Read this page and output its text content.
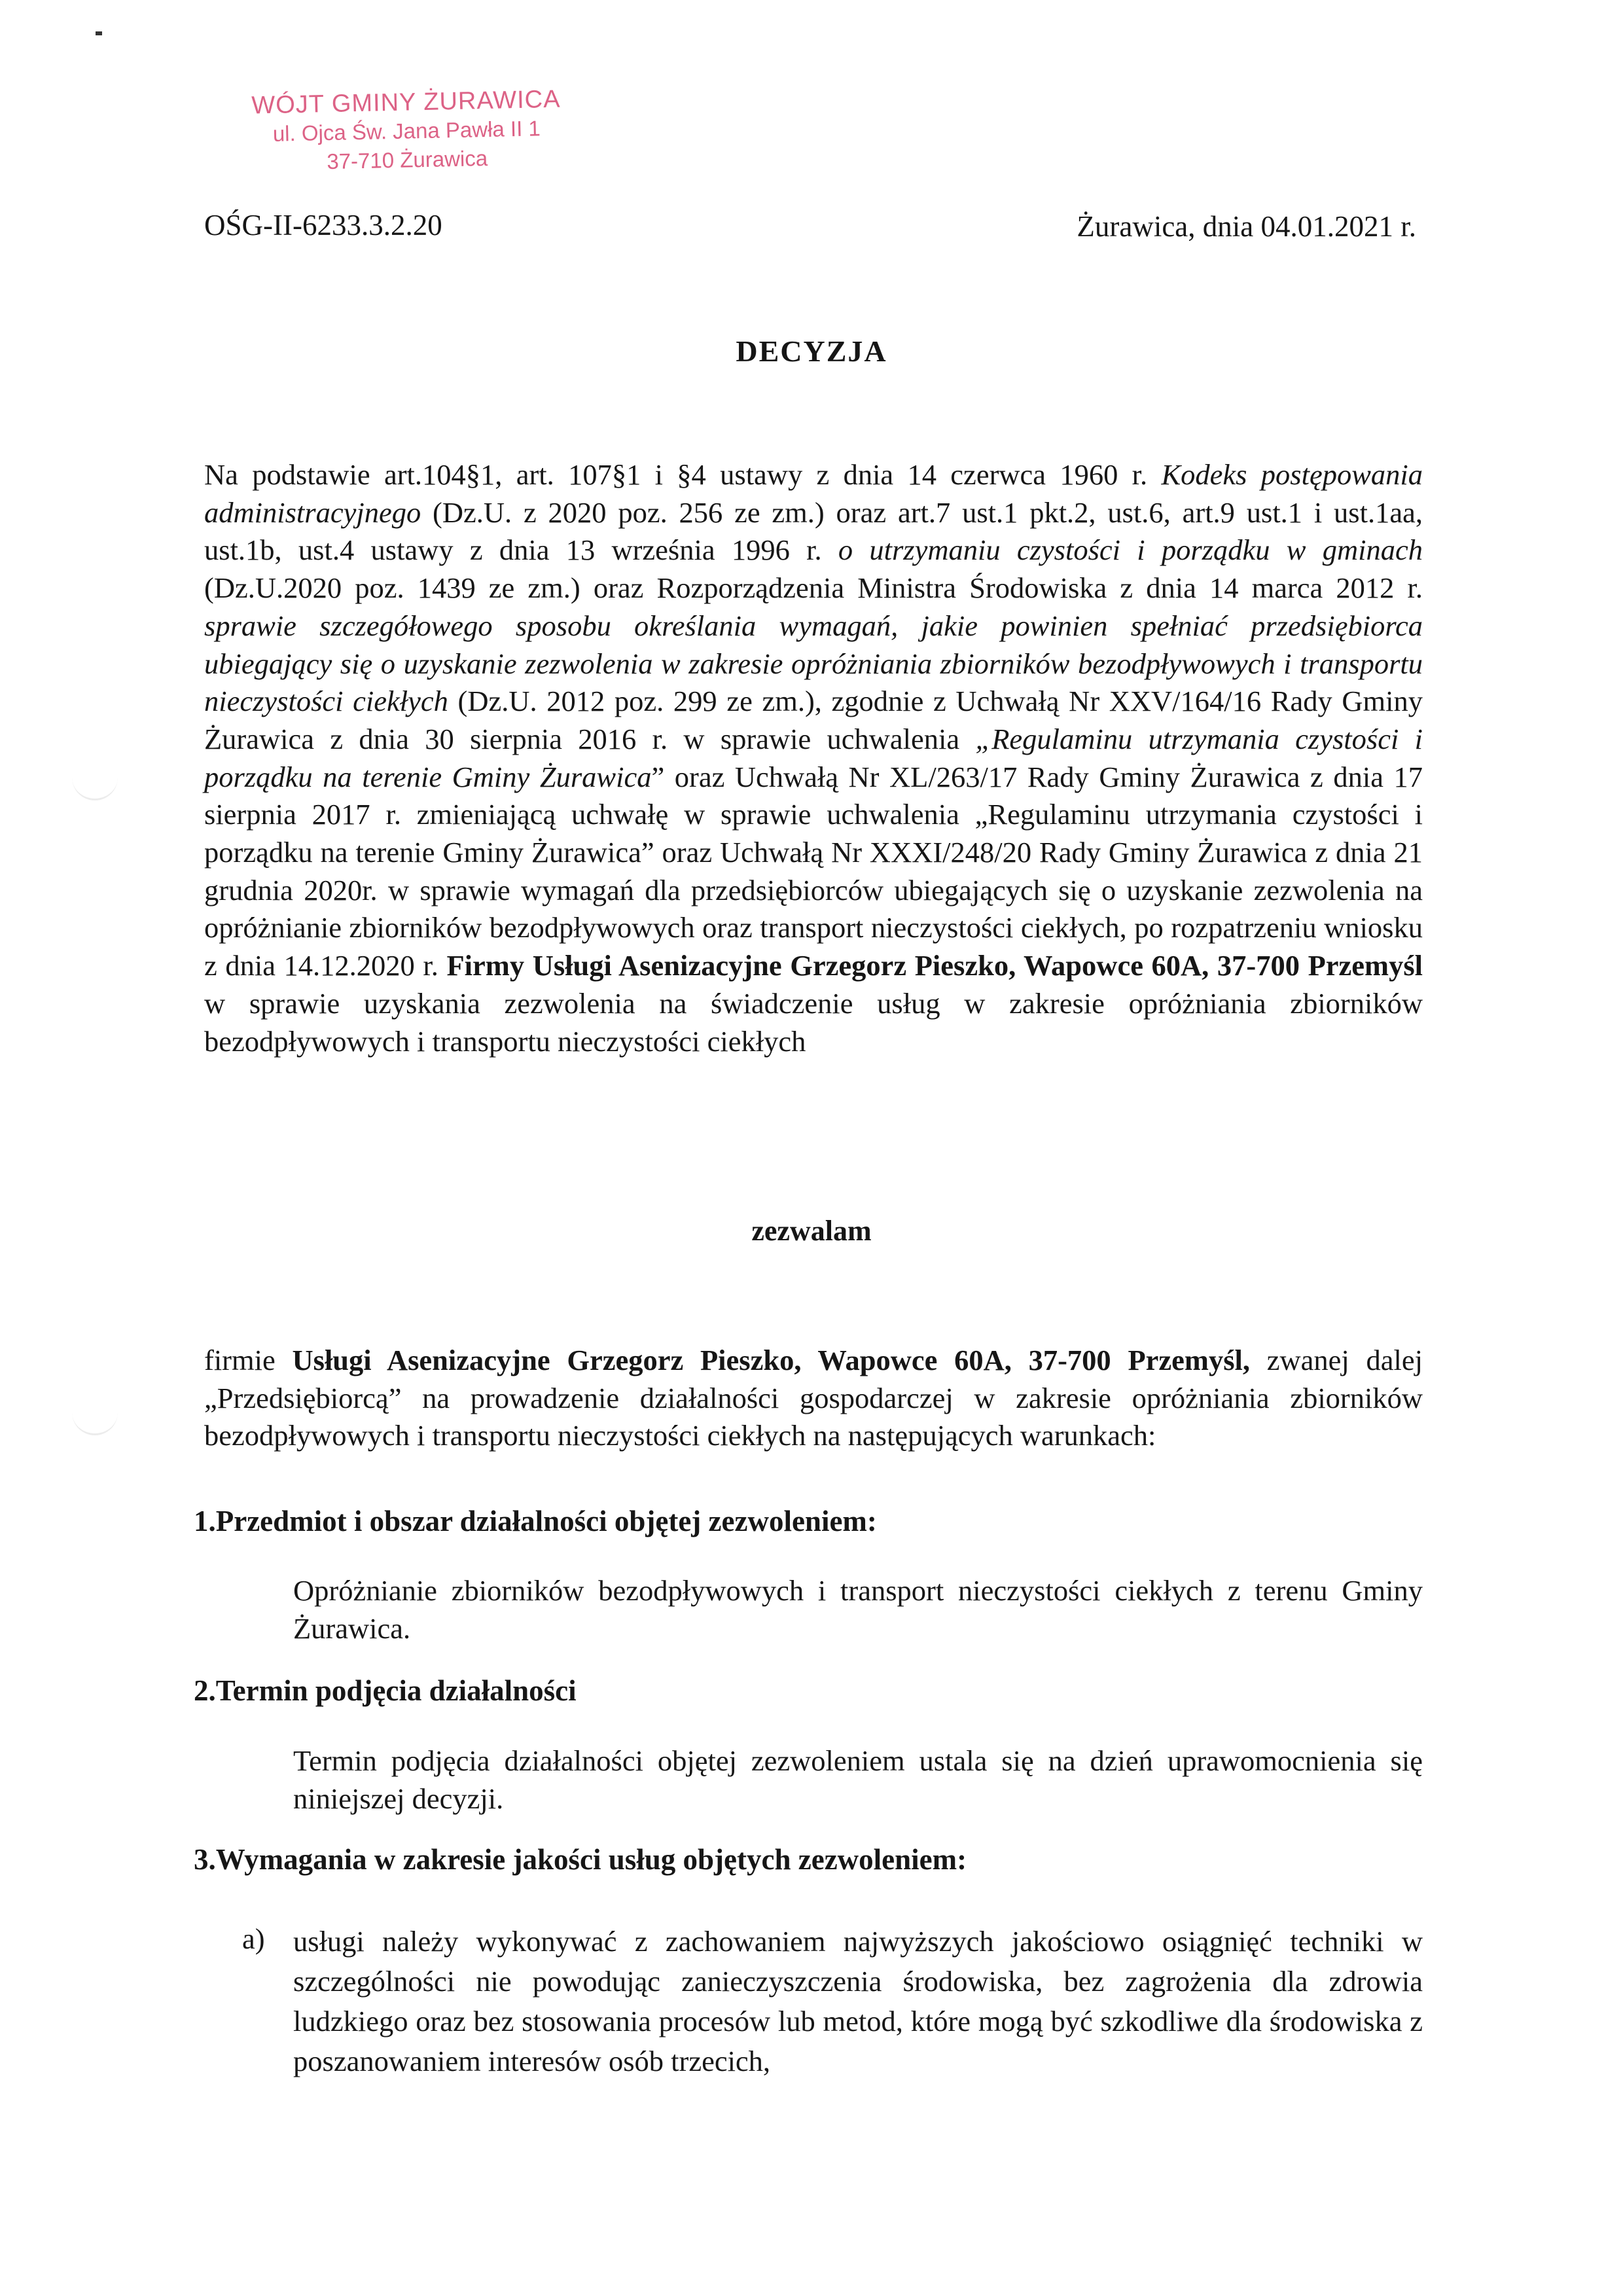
WÓJT GMINY ŻURAWICA
ul. Ojca Św. Jana Pawła II 1
37-710 Żurawica
OŚG-II-6233.3.2.20	Żurawica, dnia 04.01.2021 r.
DECYZJA

Na podstawie art.104§1, art. 107§1 i §4 ustawy z dnia 14 czerwca 1960 r. Kodeks postępowania administracyjnego (Dz.U. z 2020 poz. 256 ze zm.) oraz art.7 ust.1 pkt.2, ust.6, art.9 ust.1 i ust.1aa, ust.1b, ust.4 ustawy z dnia 13 września 1996 r. o utrzymaniu czystości i porządku w gminach (Dz.U.2020 poz. 1439 ze zm.) oraz Rozporządzenia Ministra Środowiska z dnia 14 marca 2012 r. sprawie szczegółowego sposobu określania wymagań, jakie powinien spełniać przedsiębiorca ubiegający się o uzyskanie zezwolenia w zakresie opróżniania zbiorników bezodpływowych i transportu nieczystości ciekłych (Dz.U. 2012 poz. 299 ze zm.), zgodnie z Uchwałą Nr XXV/164/16 Rady Gminy Żurawica z dnia 30 sierpnia 2016 r. w sprawie uchwalenia „Regulaminu utrzymania czystości i porządku na terenie Gminy Żurawica” oraz Uchwałą Nr XL/263/17 Rady Gminy Żurawica z dnia 17 sierpnia 2017 r. zmieniającą uchwałę w sprawie uchwalenia „Regulaminu utrzymania czystości i porządku na terenie Gminy Żurawica” oraz Uchwałą Nr XXXI/248/20 Rady Gminy Żurawica z dnia 21 grudnia 2020r. w sprawie wymagań dla przedsiębiorców ubiegających się o uzyskanie zezwolenia na opróżnianie zbiorników bezodpływowych oraz transport nieczystości ciekłych, po rozpatrzeniu wniosku z dnia 14.12.2020 r. Firmy Usługi Asenizacyjne Grzegorz Pieszko, Wapowce 60A, 37-700 Przemyśl w sprawie uzyskania zezwolenia na świadczenie usług w zakresie opróżniania zbiorników bezodpływowych i transportu nieczystości ciekłych

zezwalam

firmie Usługi Asenizacyjne Grzegorz Pieszko, Wapowce 60A, 37-700 Przemyśl, zwanej dalej „Przedsiębiorcą” na prowadzenie działalności gospodarczej w zakresie opróżniania zbiorników bezodpływowych i transportu nieczystości ciekłych na następujących warunkach:

1.Przedmiot i obszar działalności objętej zezwoleniem:

Opróżnianie zbiorników bezodpływowych i transport nieczystości ciekłych z terenu Gminy Żurawica.

2.Termin podjęcia działalności

Termin podjęcia działalności objętej zezwoleniem ustala się na dzień uprawomocnienia się niniejszej decyzji.

3.Wymagania w zakresie jakości usług objętych zezwoleniem:
a) usługi należy wykonywać z zachowaniem najwyższych jakościowo osiągnięć techniki w szczególności nie powodując zanieczyszczenia środowiska, bez zagrożenia dla zdrowia ludzkiego oraz bez stosowania procesów lub metod, które mogą być szkodliwe dla środowiska z poszanowaniem interesów osób trzecich,
